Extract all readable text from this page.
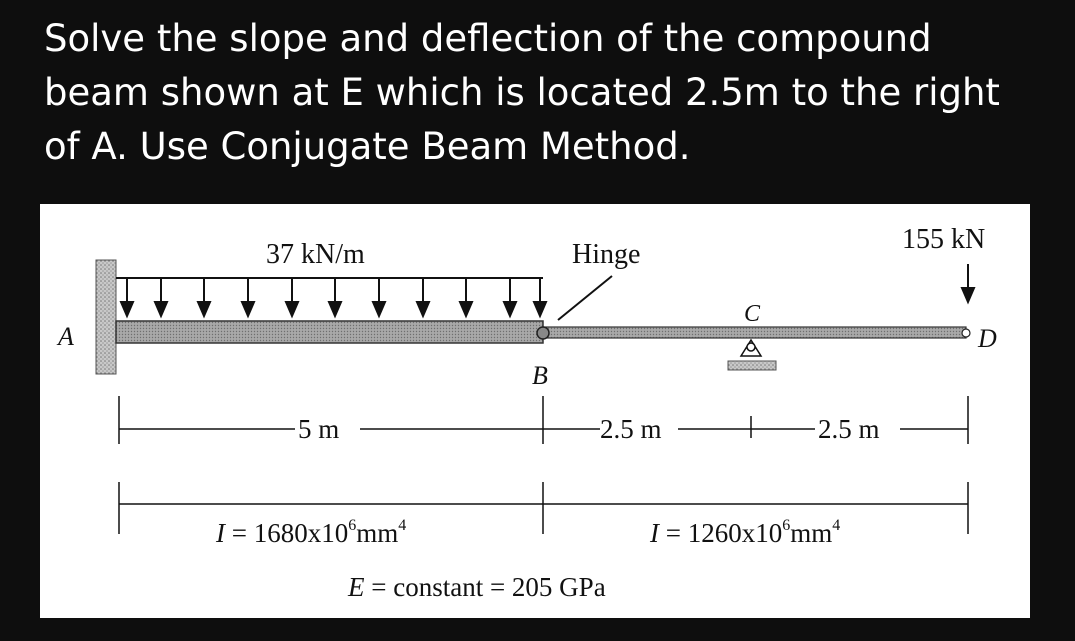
Solve the slope and deflection of the compound
beam shown at E which is located 2.5m to the right
of A. Use Conjugate Beam Method.
A
37 kN/m	Hinge
C
155 kN
D
B
5 m	2.5 m	2.5 m
$I = 1680x10^6mm^4$	$I = 1260x10^6mm^4$
E = constant = 205 GPa
